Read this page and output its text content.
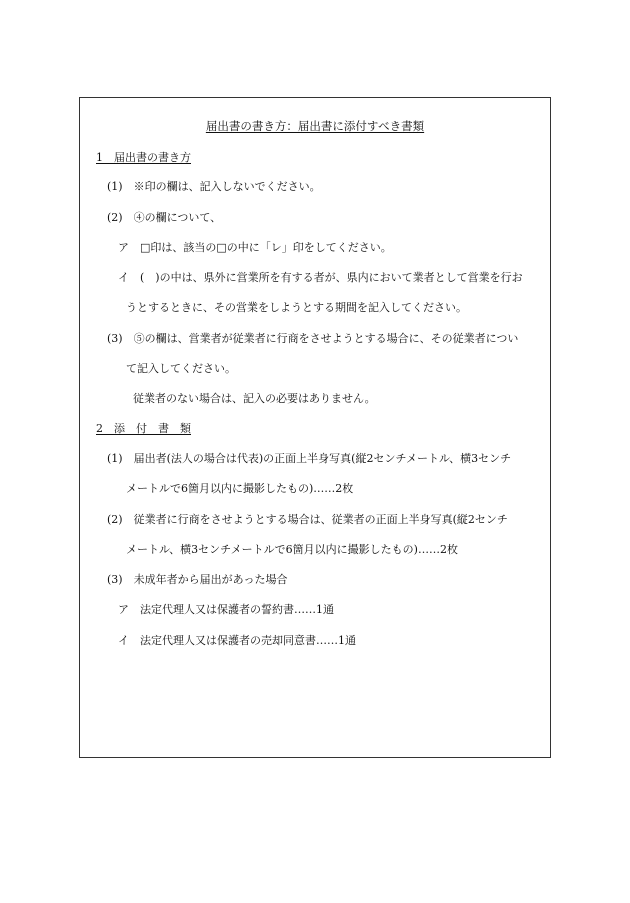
届出書の書き方：届出書に添付すべき書類
1　届出書の書き方
(1)　※印の欄は、記入しないでください。
(2)　④の欄について、
ア　□印は、該当の□の中に「レ」印をしてください。
イ　(　)の中は、県外に営業所を有する者が、県内において業者として営業を行お
うとするときに、その営業をしようとする期間を記入してください。
(3)　⑤の欄は、営業者が従業者に行商をさせようとする場合に、その従業者につい
て記入してください。
従業者のない場合は、記入の必要はありません。
2　添　付　書　類
(1)　届出者(法人の場合は代表)の正面上半身写真(縦2センチメートル、横3センチ
メートルで6箇月以内に撮影したもの)……2枚
(2)　従業者に行商をさせようとする場合は、従業者の正面上半身写真(縦2センチ
メートル、横3センチメートルで6箇月以内に撮影したもの)……2枚
(3)　未成年者から届出があった場合
ア　法定代理人又は保護者の誓約書……1通
イ　法定代理人又は保護者の売却同意書……1通
